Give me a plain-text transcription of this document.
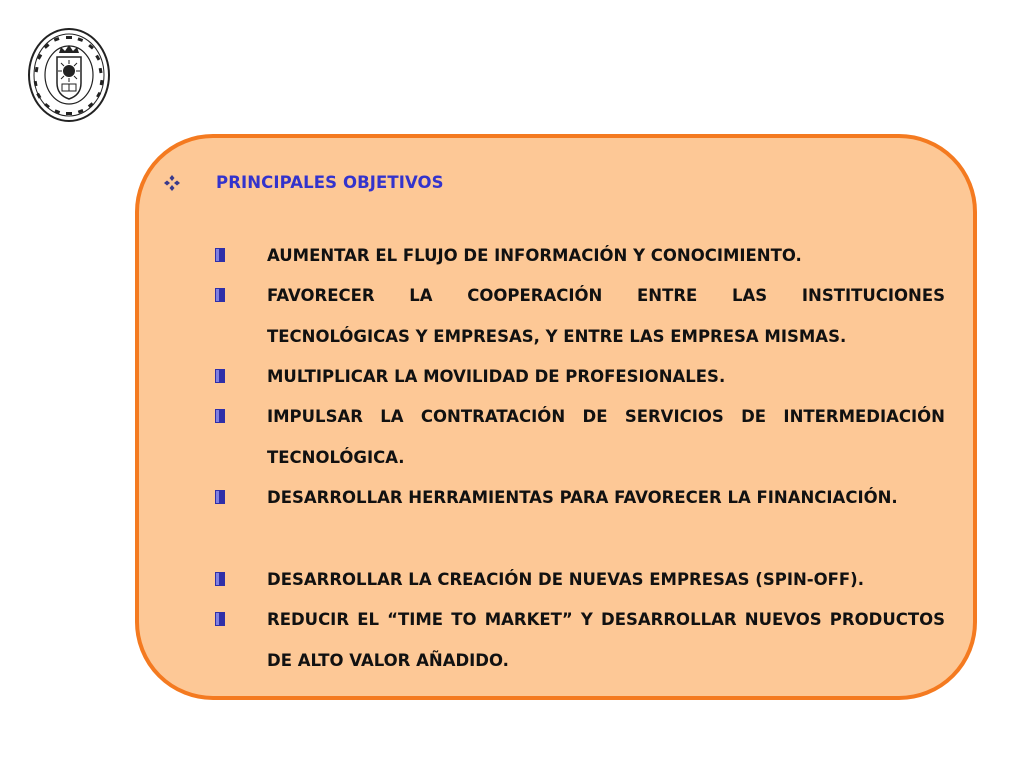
PRINCIPALES OBJETIVOS
AUMENTAR EL FLUJO DE INFORMACIÓN Y CONOCIMIENTO.
FAVORECER LA COOPERACIÓN ENTRE LAS INSTITUCIONES TECNOLÓGICAS Y EMPRESAS, Y ENTRE LAS EMPRESA MISMAS.
MULTIPLICAR LA MOVILIDAD DE PROFESIONALES.
IMPULSAR LA CONTRATACIÓN DE SERVICIOS DE INTERMEDIACIÓN TECNOLÓGICA.
DESARROLLAR HERRAMIENTAS PARA FAVORECER LA FINANCIACIÓN.
DESARROLLAR LA CREACIÓN DE NUEVAS EMPRESAS (SPIN-OFF).
REDUCIR EL “TIME TO MARKET” Y DESARROLLAR NUEVOS PRODUCTOS DE ALTO VALOR AÑADIDO.
